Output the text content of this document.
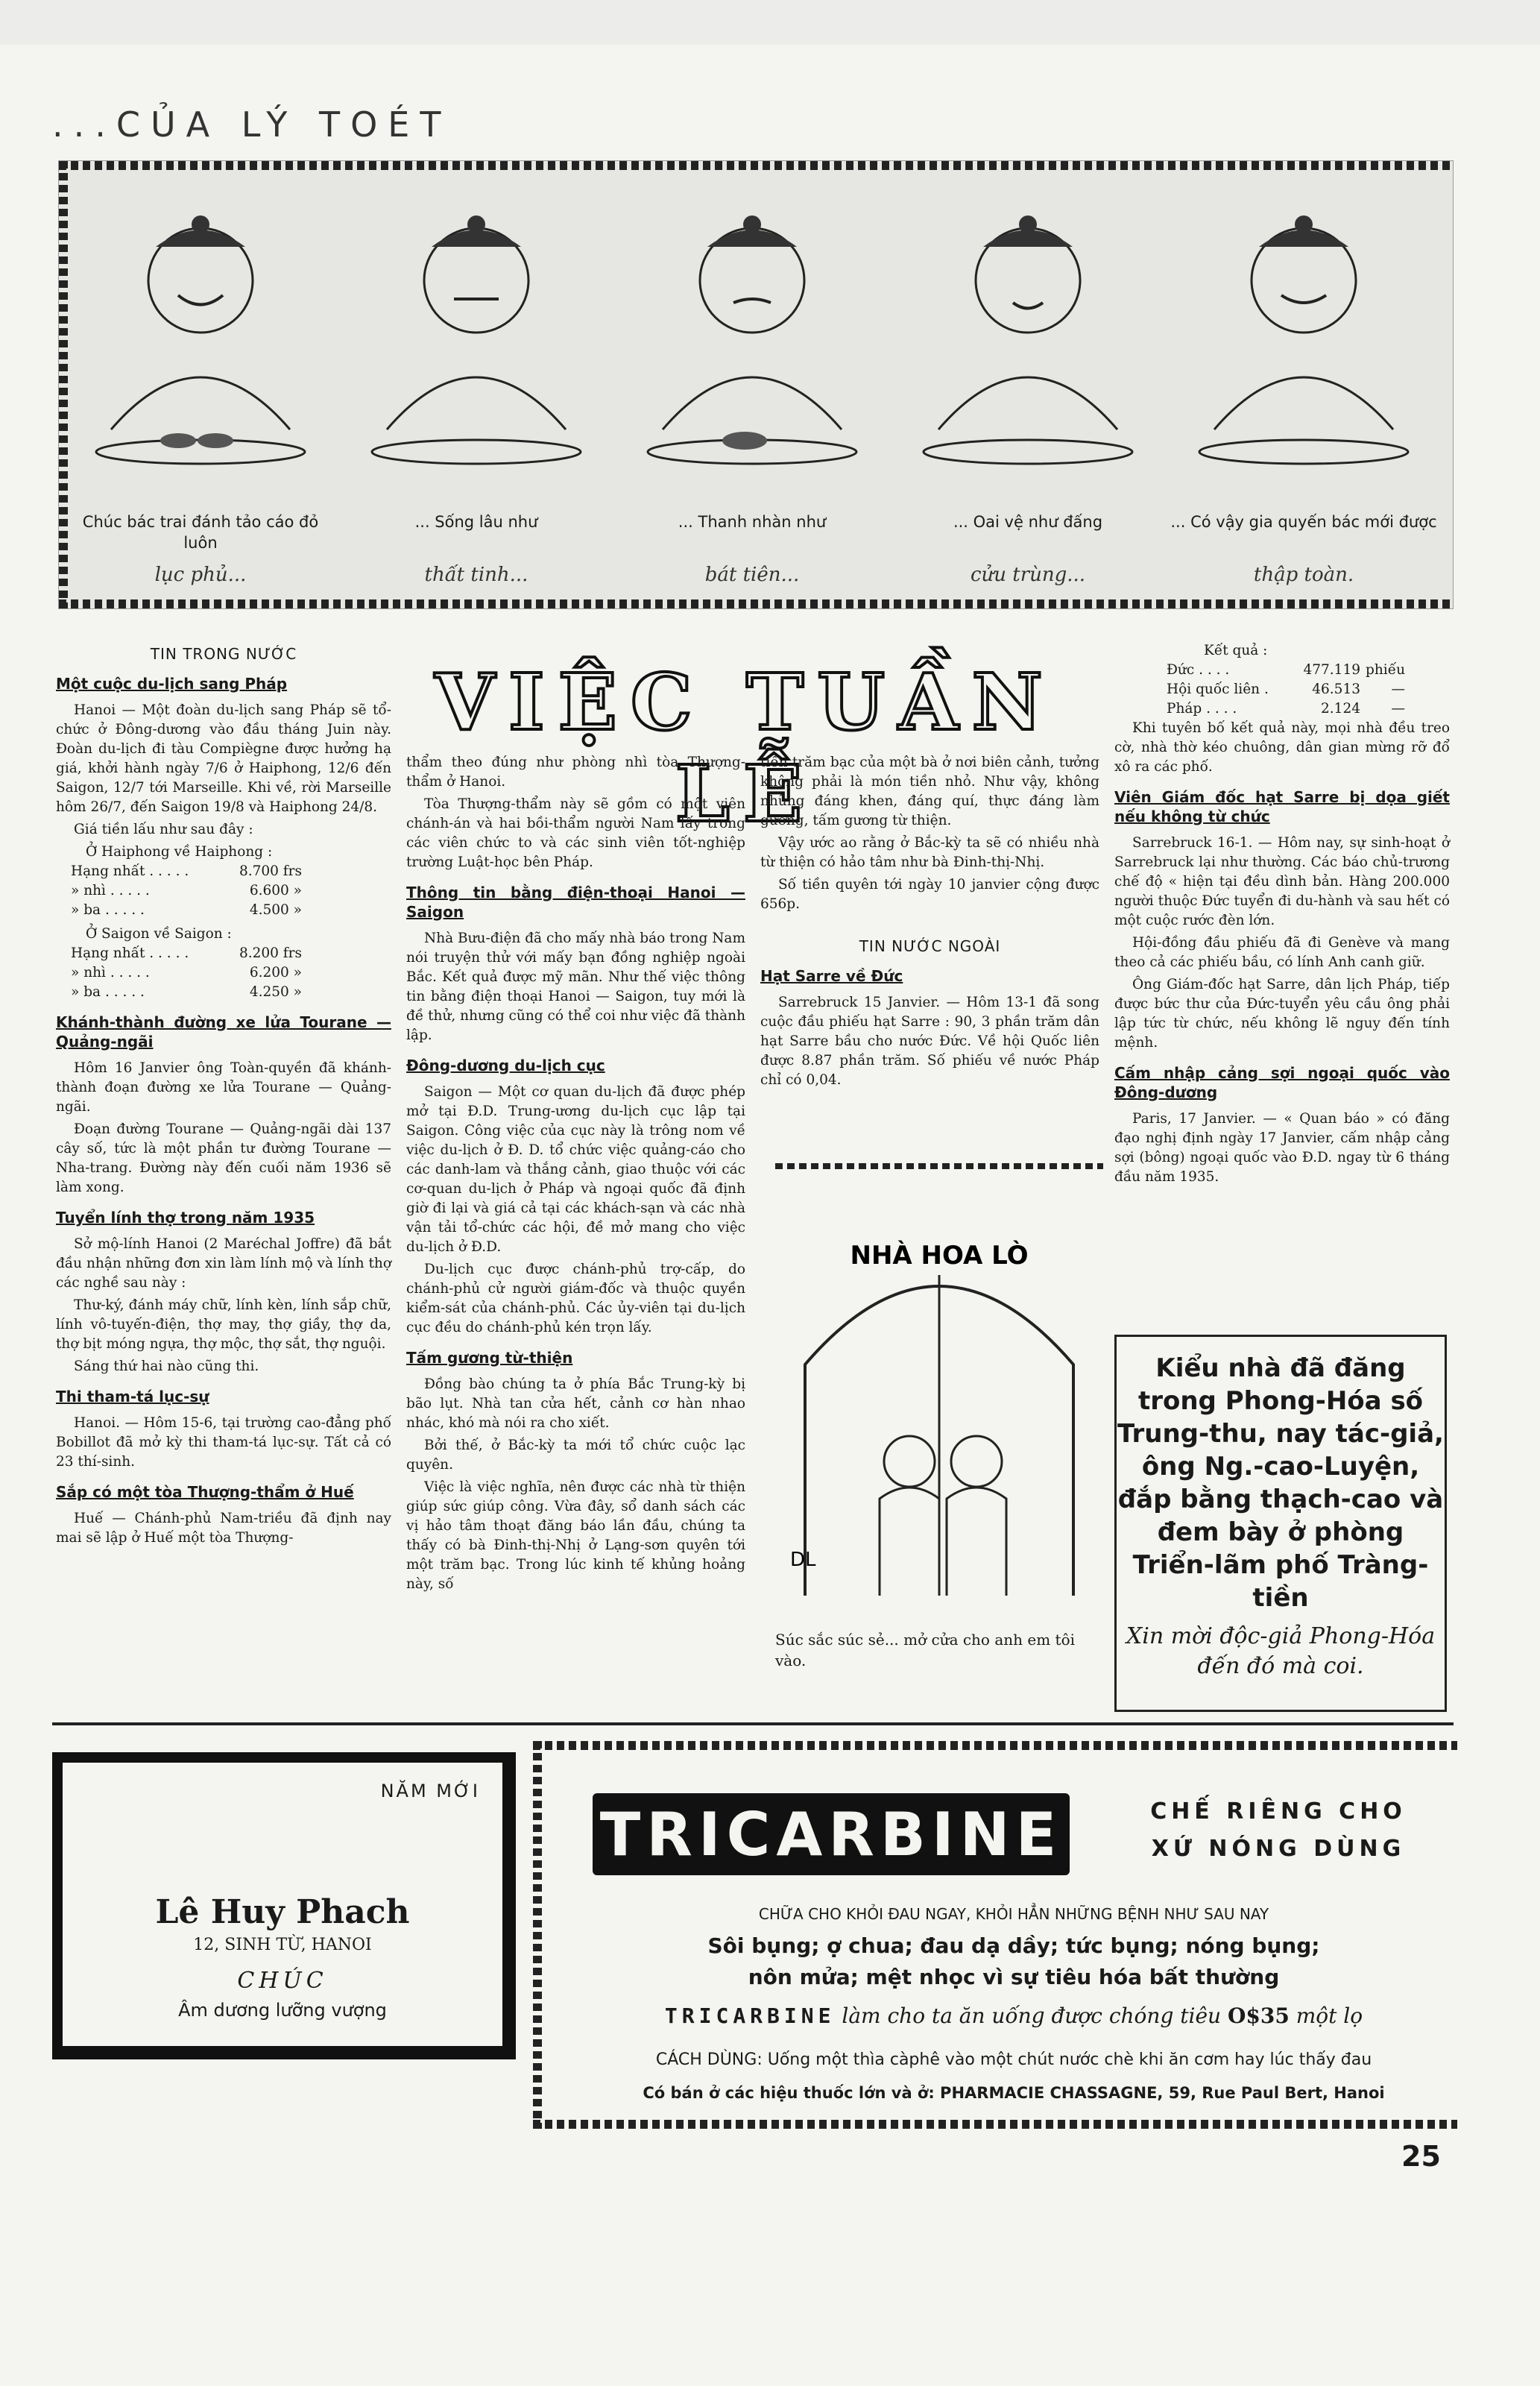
...CỦA LÝ TOÉT
Chúc bác trai đánh tảo cáo đỏ luôn
lục phủ...
... Sống lâu như
thất tinh...
... Thanh nhàn như
bát tiên...
... Oai vệ như đấng
cửu trùng...
... Có vậy gia quyến bác mới được
thập toàn.
VIỆC TUẦN LỄ
TIN TRONG NƯỚC
Một cuộc du-lịch sang Pháp

Hanoi — Một đoàn du-lịch sang Pháp sẽ tổ-chức ở Đông-dương vào đầu tháng Juin này. Đoàn du-lịch đi tàu Compiègne được hưởng hạ giá, khởi hành ngày 7/6 ở Haiphong, 12/6 đến Saigon, 12/7 tới Marseille. Khi về, rời Marseille hôm 26/7, đến Saigon 19/8 và Haiphong 24/8.

Giá tiền lấu như sau đây :

Ở Haiphong về Haiphong :
Hạng nhất . . . . .	8.700 frs
» nhì . . . . .	6.600 »
» ba . . . . .	4.500 »
Ở Saigon về Saigon :
Hạng nhất . . . . .	8.200 frs
» nhì . . . . .	6.200 »
» ba . . . . .	4.250 »
Khánh-thành đường xe lửa Tourane — Quảng-ngãi

Hôm 16 Janvier ông Toàn-quyền đã khánh-thành đoạn đường xe lửa Tourane — Quảng-ngãi.

Đoạn đường Tourane — Quảng-ngãi dài 137 cây số, tức là một phần tư đường Tourane — Nha-trang. Đường này đến cuối năm 1936 sẽ làm xong.

Tuyển lính thợ trong năm 1935

Sở mộ-lính Hanoi (2 Maréchal Joffre) đã bắt đầu nhận những đơn xin làm lính mộ và lính thợ các nghề sau này :

Thư-ký, đánh máy chữ, lính kèn, lính sắp chữ, lính vô-tuyến-điện, thợ may, thợ giầy, thợ da, thợ bịt móng ngựa, thợ mộc, thợ sắt, thợ nguội.

Sáng thứ hai nào cũng thi.

Thi tham-tá lục-sự

Hanoi. — Hôm 15-6, tại trường cao-đẳng phố Bobillot đã mở kỳ thi tham-tá lục-sự. Tất cả có 23 thí-sinh.

Sắp có một tòa Thượng-thẩm ở Huế

Huế — Chánh-phủ Nam-triều đã định nay mai sẽ lập ở Huế một tòa Thượng-

thẩm theo đúng như phòng nhì tòa Thượng-thẩm ở Hanoi.

Tòa Thượng-thẩm này sẽ gồm có một viên chánh-án và hai bồi-thẩm người Nam lấy trong các viên chức to và các sinh viên tốt-nghiệp trường Luật-học bên Pháp.

Thông tin bằng điện-thoại Hanoi — Saigon

Nhà Bưu-điện đã cho mấy nhà báo trong Nam nói truyện thử với mấy bạn đồng nghiệp ngoài Bắc. Kết quả được mỹ mãn. Như thế việc thông tin bằng điện thoại Hanoi — Saigon, tuy mới là đề thử, nhưng cũng có thể coi như việc đã thành lập.

Đông-dương du-lịch cục

Saigon — Một cơ quan du-lịch đã được phép mở tại Đ.D. Trung-ương du-lịch cục lập tại Saigon. Công việc của cục này là trông nom về việc du-lịch ở Đ. D. tổ chức việc quảng-cáo cho các danh-lam và thắng cảnh, giao thuộc với các cơ-quan du-lịch ở Pháp và ngoại quốc đã định giờ đi lại và giá cả tại các khách-sạn và các nhà vận tải tổ-chức các hội, đề mở mang cho việc du-lịch ở Đ.D.

Du-lịch cục được chánh-phủ trợ-cấp, do chánh-phủ cử người giám-đốc và thuộc quyền kiểm-sát của chánh-phủ. Các ủy-viên tại du-lịch cục đều do chánh-phủ kén trọn lấy.

Tấm gương từ-thiện

Đồng bào chúng ta ở phía Bắc Trung-kỳ bị bão lụt. Nhà tan cửa hết, cảnh cơ hàn nhao nhác, khó mà nói ra cho xiết.

Bởi thế, ở Bắc-kỳ ta mới tổ chức cuộc lạc quyên.

Việc là việc nghĩa, nên được các nhà từ thiện giúp sức giúp công. Vừa đây, sổ danh sách các vị hảo tâm thoạt đăng báo lần đầu, chúng ta thấy có bà Đinh-thị-Nhị ở Lạng-sơn quyên tới một trăm bạc. Trong lúc kinh tế khủng hoảng này, số

tiền trăm bạc của một bà ở nơi biên cảnh, tưởng không phải là món tiền nhỏ. Như vậy, không những đáng khen, đáng quí, thực đáng làm gương, tấm gương từ thiện.

Vậy ước ao rằng ở Bắc-kỳ ta sẽ có nhiều nhà từ thiện có hảo tâm như bà Đinh-thị-Nhị.

Số tiền quyên tới ngày 10 janvier cộng được 656p.

TIN NƯỚC NGOÀI
Hạt Sarre về Đức

Sarrebruck 15 Janvier. — Hôm 13-1 đã song cuộc đầu phiếu hạt Sarre : 90, 3 phần trăm dân hạt Sarre bầu cho nước Đức. Về hội Quốc liên được 8.87 phần trăm. Số phiếu về nước Pháp chỉ có 0,04.

NHÀ HOA LÒ
DL
Súc sắc súc sẻ... mở cửa cho anh em tôi vào.
Kết quả :
Đức . . . .	477.119 phiếu
Hội quốc liên .	46.513	—
Pháp . . . .	2.124	—

Khi tuyên bố kết quả này, mọi nhà đều treo cờ, nhà thờ kéo chuông, dân gian mừng rỡ đổ xô ra các phố.

Viên Giám đốc hạt Sarre bị dọa giết nếu không từ chức

Sarrebruck 16-1. — Hôm nay, sự sinh-hoạt ở Sarrebruck lại như thường. Các báo chủ-trương chế độ « hiện tại đều dình bản. Hàng 200.000 người thuộc Đức tuyển đi du-hành và sau hết có một cuộc rước đèn lớn.

Hội-đồng đầu phiếu đã đi Genève và mang theo cả các phiếu bầu, có lính Anh canh giữ.

Ông Giám-đốc hạt Sarre, dân lịch Pháp, tiếp được bức thư của Đức-tuyển yêu cầu ông phải lập tức từ chức, nếu không lẽ nguy đến tính mệnh.

Cấm nhập cảng sợi ngoại quốc vào Đông-dương

Paris, 17 Janvier. — « Quan báo » có đăng đạo nghị định ngày 17 Janvier, cấm nhập cảng sợi (bông) ngoại quốc vào Đ.D. ngay từ 6 tháng đầu năm 1935.

Kiểu nhà đã đăng trong Phong-Hóa số Trung-thu, nay tác-giả, ông Ng.-cao-Luyện, đắp bằng thạch-cao và đem bày ở phòng Triển-lãm phố Tràng-tiền
Xin mời độc-giả Phong-Hóa đến đó mà coi.
NĂM MỚI
Lê Huy Phach
12, SINH TỪ, HANOI
CHÚC
Âm dương lưỡng vượng
TRICARBINE	CHẾ RIÊNG CHO XỨ NÓNG DÙNG
CHỮA CHO KHỎI ĐAU NGAY, KHỎI HẲN NHỮNG BỆNH NHƯ SAU NAY
Sôi bụng; ợ chua; đau dạ dầy; tức bụng; nóng bụng;
nôn mửa; mệt nhọc vì sự tiêu hóa bất thường
TRICARBINE làm cho ta ăn uống được chóng tiêu O$35 một lọ
CÁCH DÙNG: Uống một thìa càphê vào một chút nước chè khi ăn cơm hay lúc thấy đau
Có bán ở các hiệu thuốc lớn và ở: PHARMACIE CHASSAGNE, 59, Rue Paul Bert, Hanoi
25
